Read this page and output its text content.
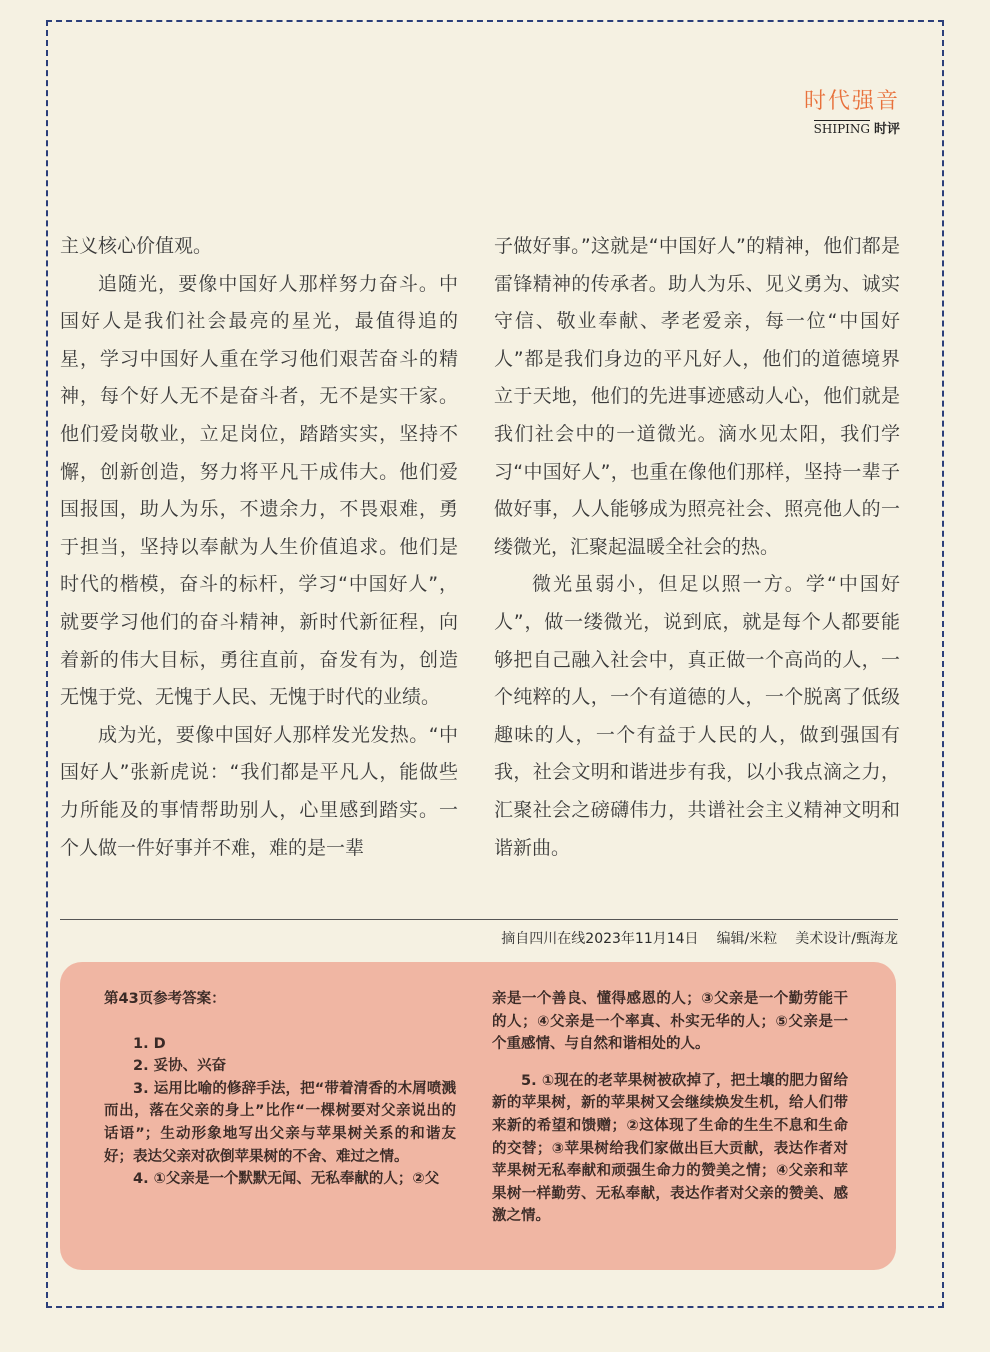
时代强音
SHIPING 时评

主义核心价值观。

追随光，要像中国好人那样努力奋斗。中国好人是我们社会最亮的星光，最值得追的星，学习中国好人重在学习他们艰苦奋斗的精神，每个好人无不是奋斗者，无不是实干家。他们爱岗敬业，立足岗位，踏踏实实，坚持不懈，创新创造，努力将平凡干成伟大。他们爱国报国，助人为乐，不遗余力，不畏艰难，勇于担当，坚持以奉献为人生价值追求。他们是时代的楷模，奋斗的标杆，学习“中国好人”，就要学习他们的奋斗精神，新时代新征程，向着新的伟大目标，勇往直前，奋发有为，创造无愧于党、无愧于人民、无愧于时代的业绩。

成为光，要像中国好人那样发光发热。“中国好人”张新虎说：“我们都是平凡人，能做些力所能及的事情帮助别人，心里感到踏实。一个人做一件好事并不难，难的是一辈

子做好事。”这就是“中国好人”的精神，他们都是雷锋精神的传承者。助人为乐、见义勇为、诚实守信、敬业奉献、孝老爱亲，每一位“中国好人”都是我们身边的平凡好人，他们的道德境界立于天地，他们的先进事迹感动人心，他们就是我们社会中的一道微光。滴水见太阳，我们学习“中国好人”，也重在像他们那样，坚持一辈子做好事，人人能够成为照亮社会、照亮他人的一缕微光，汇聚起温暖全社会的热。

微光虽弱小，但足以照一方。学“中国好人”，做一缕微光，说到底，就是每个人都要能够把自己融入社会中，真正做一个高尚的人，一个纯粹的人，一个有道德的人，一个脱离了低级趣味的人，一个有益于人民的人，做到强国有我，社会文明和谐进步有我，以小我点滴之力，汇聚社会之磅礴伟力，共谱社会主义精神文明和谐新曲。

摘自四川在线2023年11月14日 编辑/米粒 美术设计/甄海龙

第43页参考答案：

1. D

2. 妥协、兴奋

3. 运用比喻的修辞手法，把“带着清香的木屑喷溅而出，落在父亲的身上”比作“一棵树要对父亲说出的话语”；生动形象地写出父亲与苹果树关系的和谐友好；表达父亲对砍倒苹果树的不舍、难过之情。

4. ①父亲是一个默默无闻、无私奉献的人；②父

亲是一个善良、懂得感恩的人；③父亲是一个勤劳能干的人；④父亲是一个率真、朴实无华的人；⑤父亲是一个重感情、与自然和谐相处的人。

5. ①现在的老苹果树被砍掉了，把土壤的肥力留给新的苹果树，新的苹果树又会继续焕发生机，给人们带来新的希望和馈赠；②这体现了生命的生生不息和生命的交替；③苹果树给我们家做出巨大贡献，表达作者对苹果树无私奉献和顽强生命力的赞美之情；④父亲和苹果树一样勤劳、无私奉献，表达作者对父亲的赞美、感激之情。
